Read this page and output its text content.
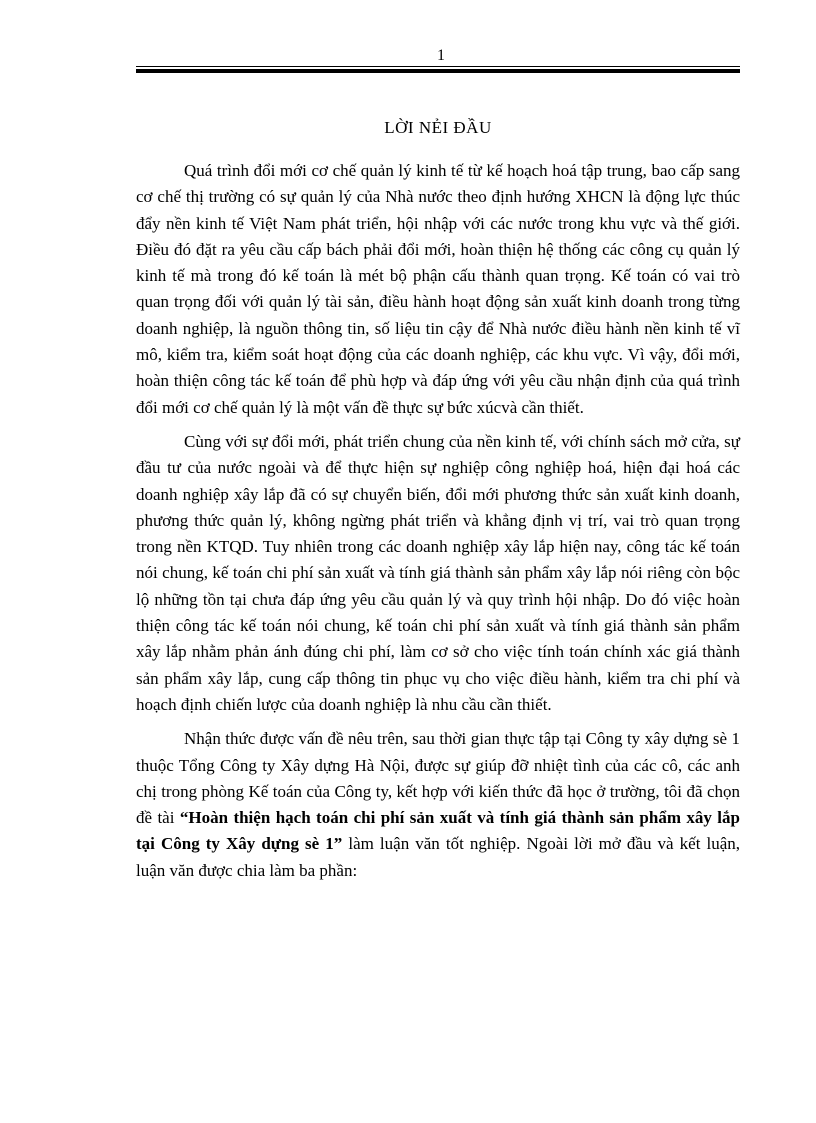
1
LỜI NẺI ĐẦU

Quá trình đổi mới cơ chế quản lý kinh tế từ kế hoạch hoá tập trung, bao cấp sang cơ chế thị trường có sự quản lý của Nhà nước theo định hướng XHCN là động lực thúc đẩy nền kinh tế Việt Nam phát triển, hội nhập với các nước trong khu vực và thế giới. Điều đó đặt ra yêu cầu cấp bách phải đổi mới, hoàn thiện hệ thống các công cụ quản lý kinh tế mà trong đó kế toán là mét bộ phận cấu thành quan trọng. Kế toán có vai trò quan trọng đối với quản lý tài sản, điều hành hoạt động sản xuất kinh doanh trong từng doanh nghiệp, là nguồn thông tin, số liệu tin cậy để Nhà nước điều hành nền kinh tế vĩ mô, kiểm tra, kiểm soát hoạt động của các doanh nghiệp, các khu vực. Vì vậy, đổi mới, hoàn thiện công tác kế toán để phù hợp và đáp ứng với yêu cầu nhận định của quá trình đổi mới cơ chế quản lý là một vấn đề thực sự bức xúcvà cần thiết.

Cùng với sự đổi mới, phát triển chung của nền kinh tế, với chính sách mở cửa, sự đầu tư của nước ngoài và để thực hiện sự nghiệp công nghiệp hoá, hiện đại hoá các doanh nghiệp xây lắp đã có sự chuyển biến, đổi mới phương thức sản xuất kinh doanh, phương thức quản lý, không ngừng phát triển và khẳng định vị trí, vai trò quan trọng trong nền KTQD. Tuy nhiên trong các doanh nghiệp xây lắp hiện nay, công tác kế toán nói chung, kế toán chi phí sản xuất và tính giá thành sản phẩm xây lắp nói riêng còn bộc lộ những tồn tại chưa đáp ứng yêu cầu quản lý và quy trình hội nhập. Do đó việc hoàn thiện công tác kế toán nói chung, kế toán chi phí sản xuất và tính giá thành sản phẩm xây lắp nhằm phản ánh đúng chi phí, làm cơ sở cho việc tính toán chính xác giá thành sản phẩm xây lắp, cung cấp thông tin phục vụ cho việc điều hành, kiểm tra chi phí và hoạch định chiến lược của doanh nghiệp là nhu cầu cần thiết.

Nhận thức được vấn đề nêu trên, sau thời gian thực tập tại Công ty xây dựng sè 1 thuộc Tổng Công ty Xây dựng Hà Nội, được sự giúp đỡ nhiệt tình của các cô, các anh chị trong phòng Kế toán của Công ty, kết hợp với kiến thức đã học ở trường, tôi đã chọn đề tài “Hoàn thiện hạch toán chi phí sản xuất và tính giá thành sản phẩm xây lắp tại Công ty Xây dựng sè 1” làm luận văn tốt nghiệp. Ngoài lời mở đầu và kết luận, luận văn được chia làm ba phần:
